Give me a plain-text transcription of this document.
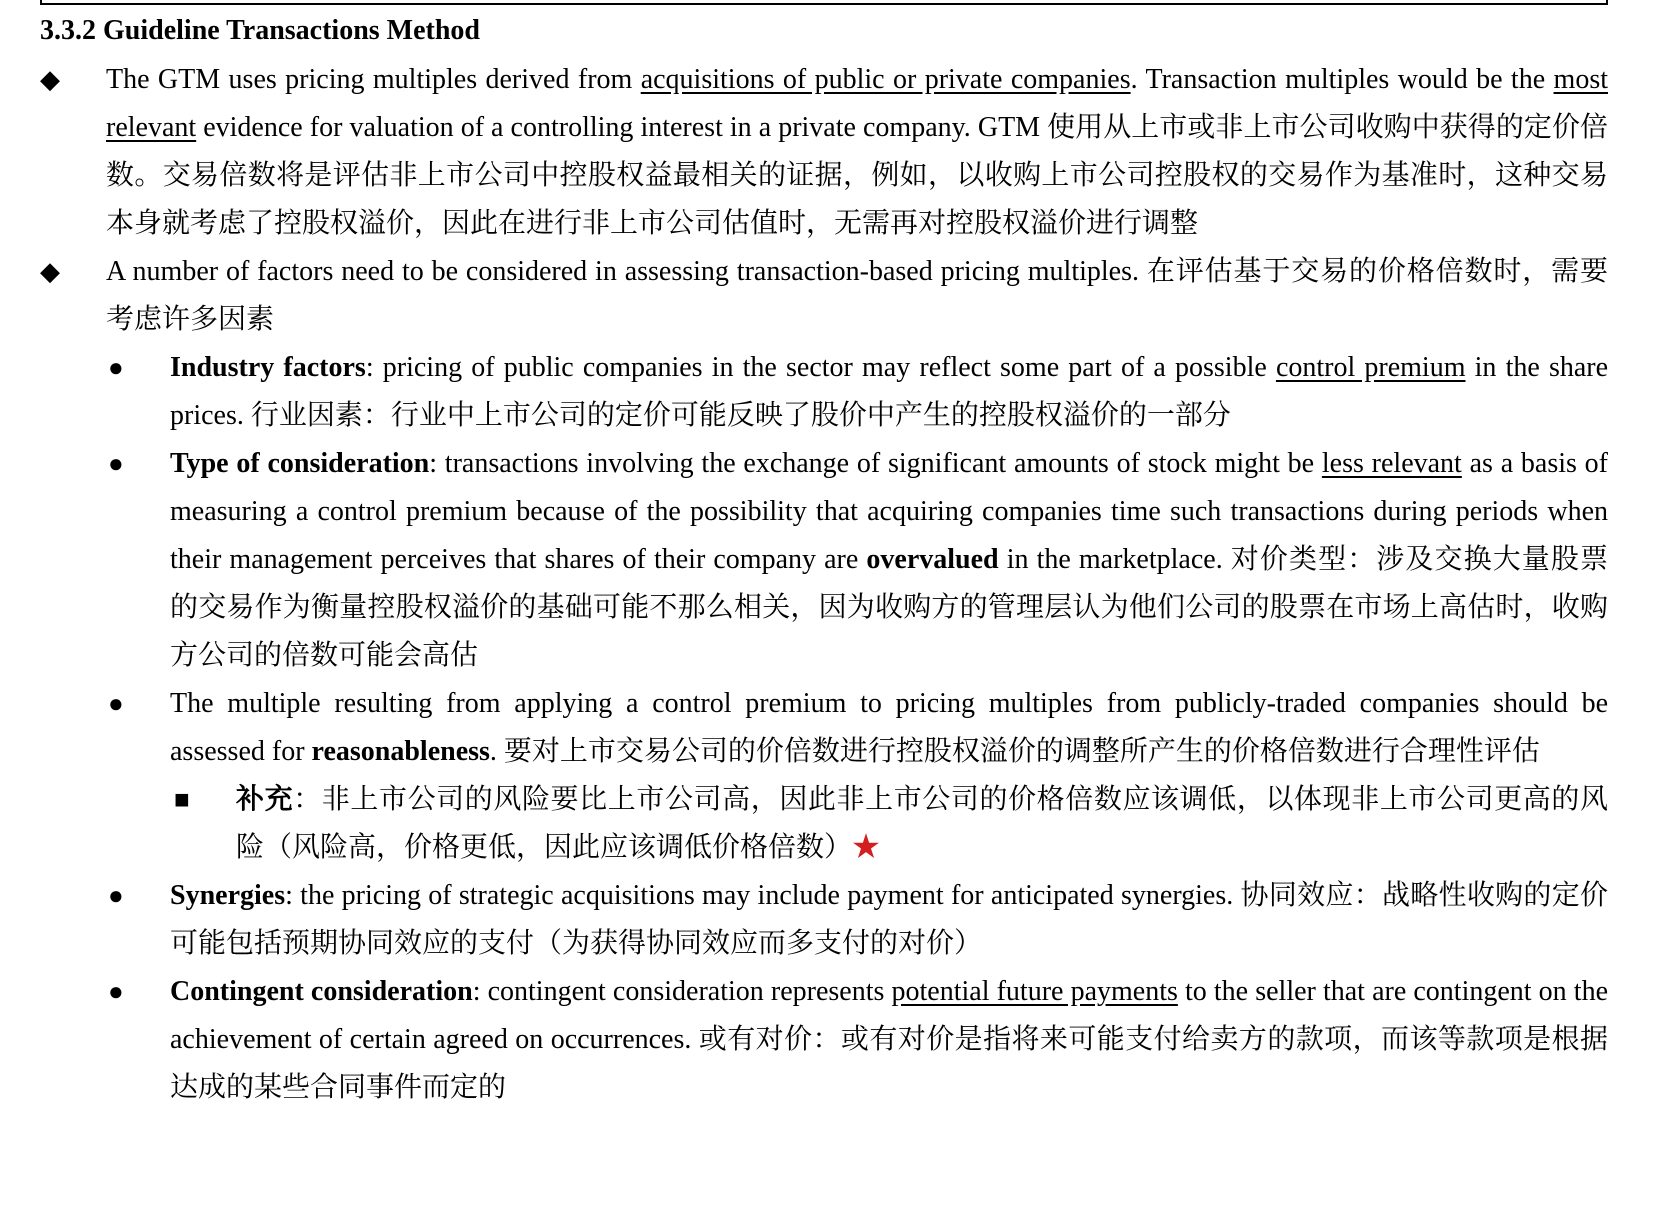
3.3.2 Guideline Transactions Method
◆ The GTM uses pricing multiples derived from acquisitions of public or private companies. Transaction multiples would be the most relevant evidence for valuation of a controlling interest in a private company. GTM 使用从上市或非上市公司收购中获得的定价倍数。交易倍数将是评估非上市公司中控股权益最相关的证据，例如，以收购上市公司控股权的交易作为基准时，这种交易本身就考虑了控股权溢价，因此在进行非上市公司估值时，无需再对控股权溢价进行调整

◆ A number of factors need to be considered in assessing transaction-based pricing multiples. 在评估基于交易的价格倍数时，需要考虑许多因素

● Industry factors: pricing of public companies in the sector may reflect some part of a possible control premium in the share prices. 行业因素：行业中上市公司的定价可能反映了股价中产生的控股权溢价的一部分

● Type of consideration: transactions involving the exchange of significant amounts of stock might be less relevant as a basis of measuring a control premium because of the possibility that acquiring companies time such transactions during periods when their management perceives that shares of their company are overvalued in the marketplace. 对价类型：涉及交换大量股票的交易作为衡量控股权溢价的基础可能不那么相关，因为收购方的管理层认为他们公司的股票在市场上高估时，收购方公司的倍数可能会高估

● The multiple resulting from applying a control premium to pricing multiples from publicly-traded companies should be assessed for reasonableness. 要对上市交易公司的价倍数进行控股权溢价的调整所产生的价格倍数进行合理性评估

■ 补充：非上市公司的风险要比上市公司高，因此非上市公司的价格倍数应该调低，以体现非上市公司更高的风险（风险高，价格更低，因此应该调低价格倍数）★

● Synergies: the pricing of strategic acquisitions may include payment for anticipated synergies. 协同效应：战略性收购的定价可能包括预期协同效应的支付（为获得协同效应而多支付的对价）

● Contingent consideration: contingent consideration represents potential future payments to the seller that are contingent on the achievement of certain agreed on occurrences. 或有对价：或有对价是指将来可能支付给卖方的款项，而该等款项是根据达成的某些合同事件而定的
